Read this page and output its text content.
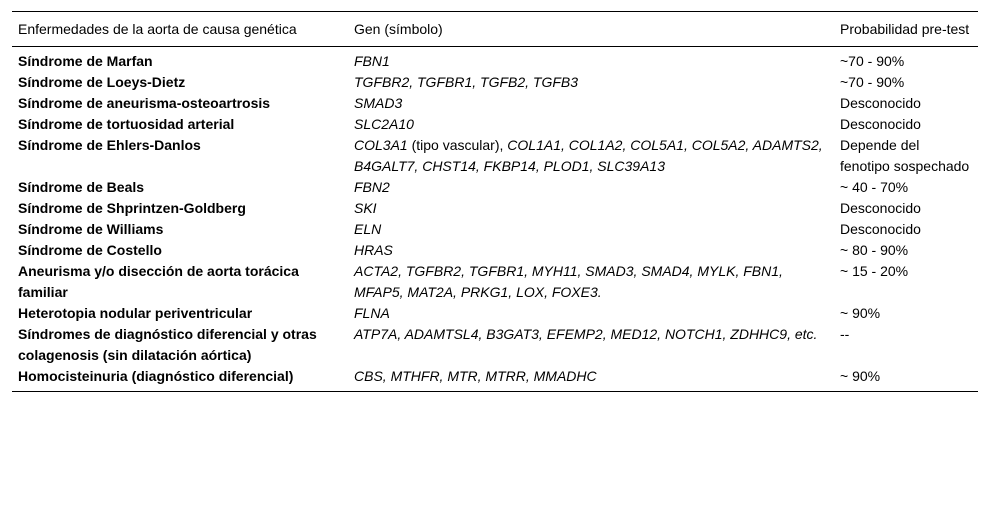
Enfermedades de la aorta de causa genética	Gen (símbolo)	Probabilidad pre-test
Síndrome de Marfan	FBN1	~70 - 90%
Síndrome de Loeys-Dietz	TGFBR2, TGFBR1, TGFB2, TGFB3	~70 - 90%
Síndrome de aneurisma-osteoartrosis	SMAD3	Desconocido
Síndrome de tortuosidad arterial	SLC2A10	Desconocido
Síndrome de Ehlers-Danlos	COL3A1 (tipo vascular), COL1A1, COL1A2, COL5A1, COL5A2, ADAMTS2, B4GALT7, CHST14, FKBP14, PLOD1, SLC39A13	Depende del fenotipo sospechado
Síndrome de Beals	FBN2	~ 40 - 70%
Síndrome de Shprintzen-Goldberg	SKI	Desconocido
Síndrome de Williams	ELN	Desconocido
Síndrome de Costello	HRAS	~ 80 - 90%
Aneurisma y/o disección de aorta torácica familiar	ACTA2, TGFBR2, TGFBR1, MYH11, SMAD3, SMAD4, MYLK, FBN1, MFAP5, MAT2A, PRKG1, LOX, FOXE3.	~ 15 - 20%
Heterotopia nodular periventricular	FLNA	~ 90%
Síndromes de diagnóstico diferencial y otras colagenosis (sin dilatación aórtica)	ATP7A, ADAMTSL4, B3GAT3, EFEMP2, MED12, NOTCH1, ZDHHC9, etc.	--
Homocisteinuria (diagnóstico diferencial)	CBS, MTHFR, MTR, MTRR, MMADHC	~ 90%
